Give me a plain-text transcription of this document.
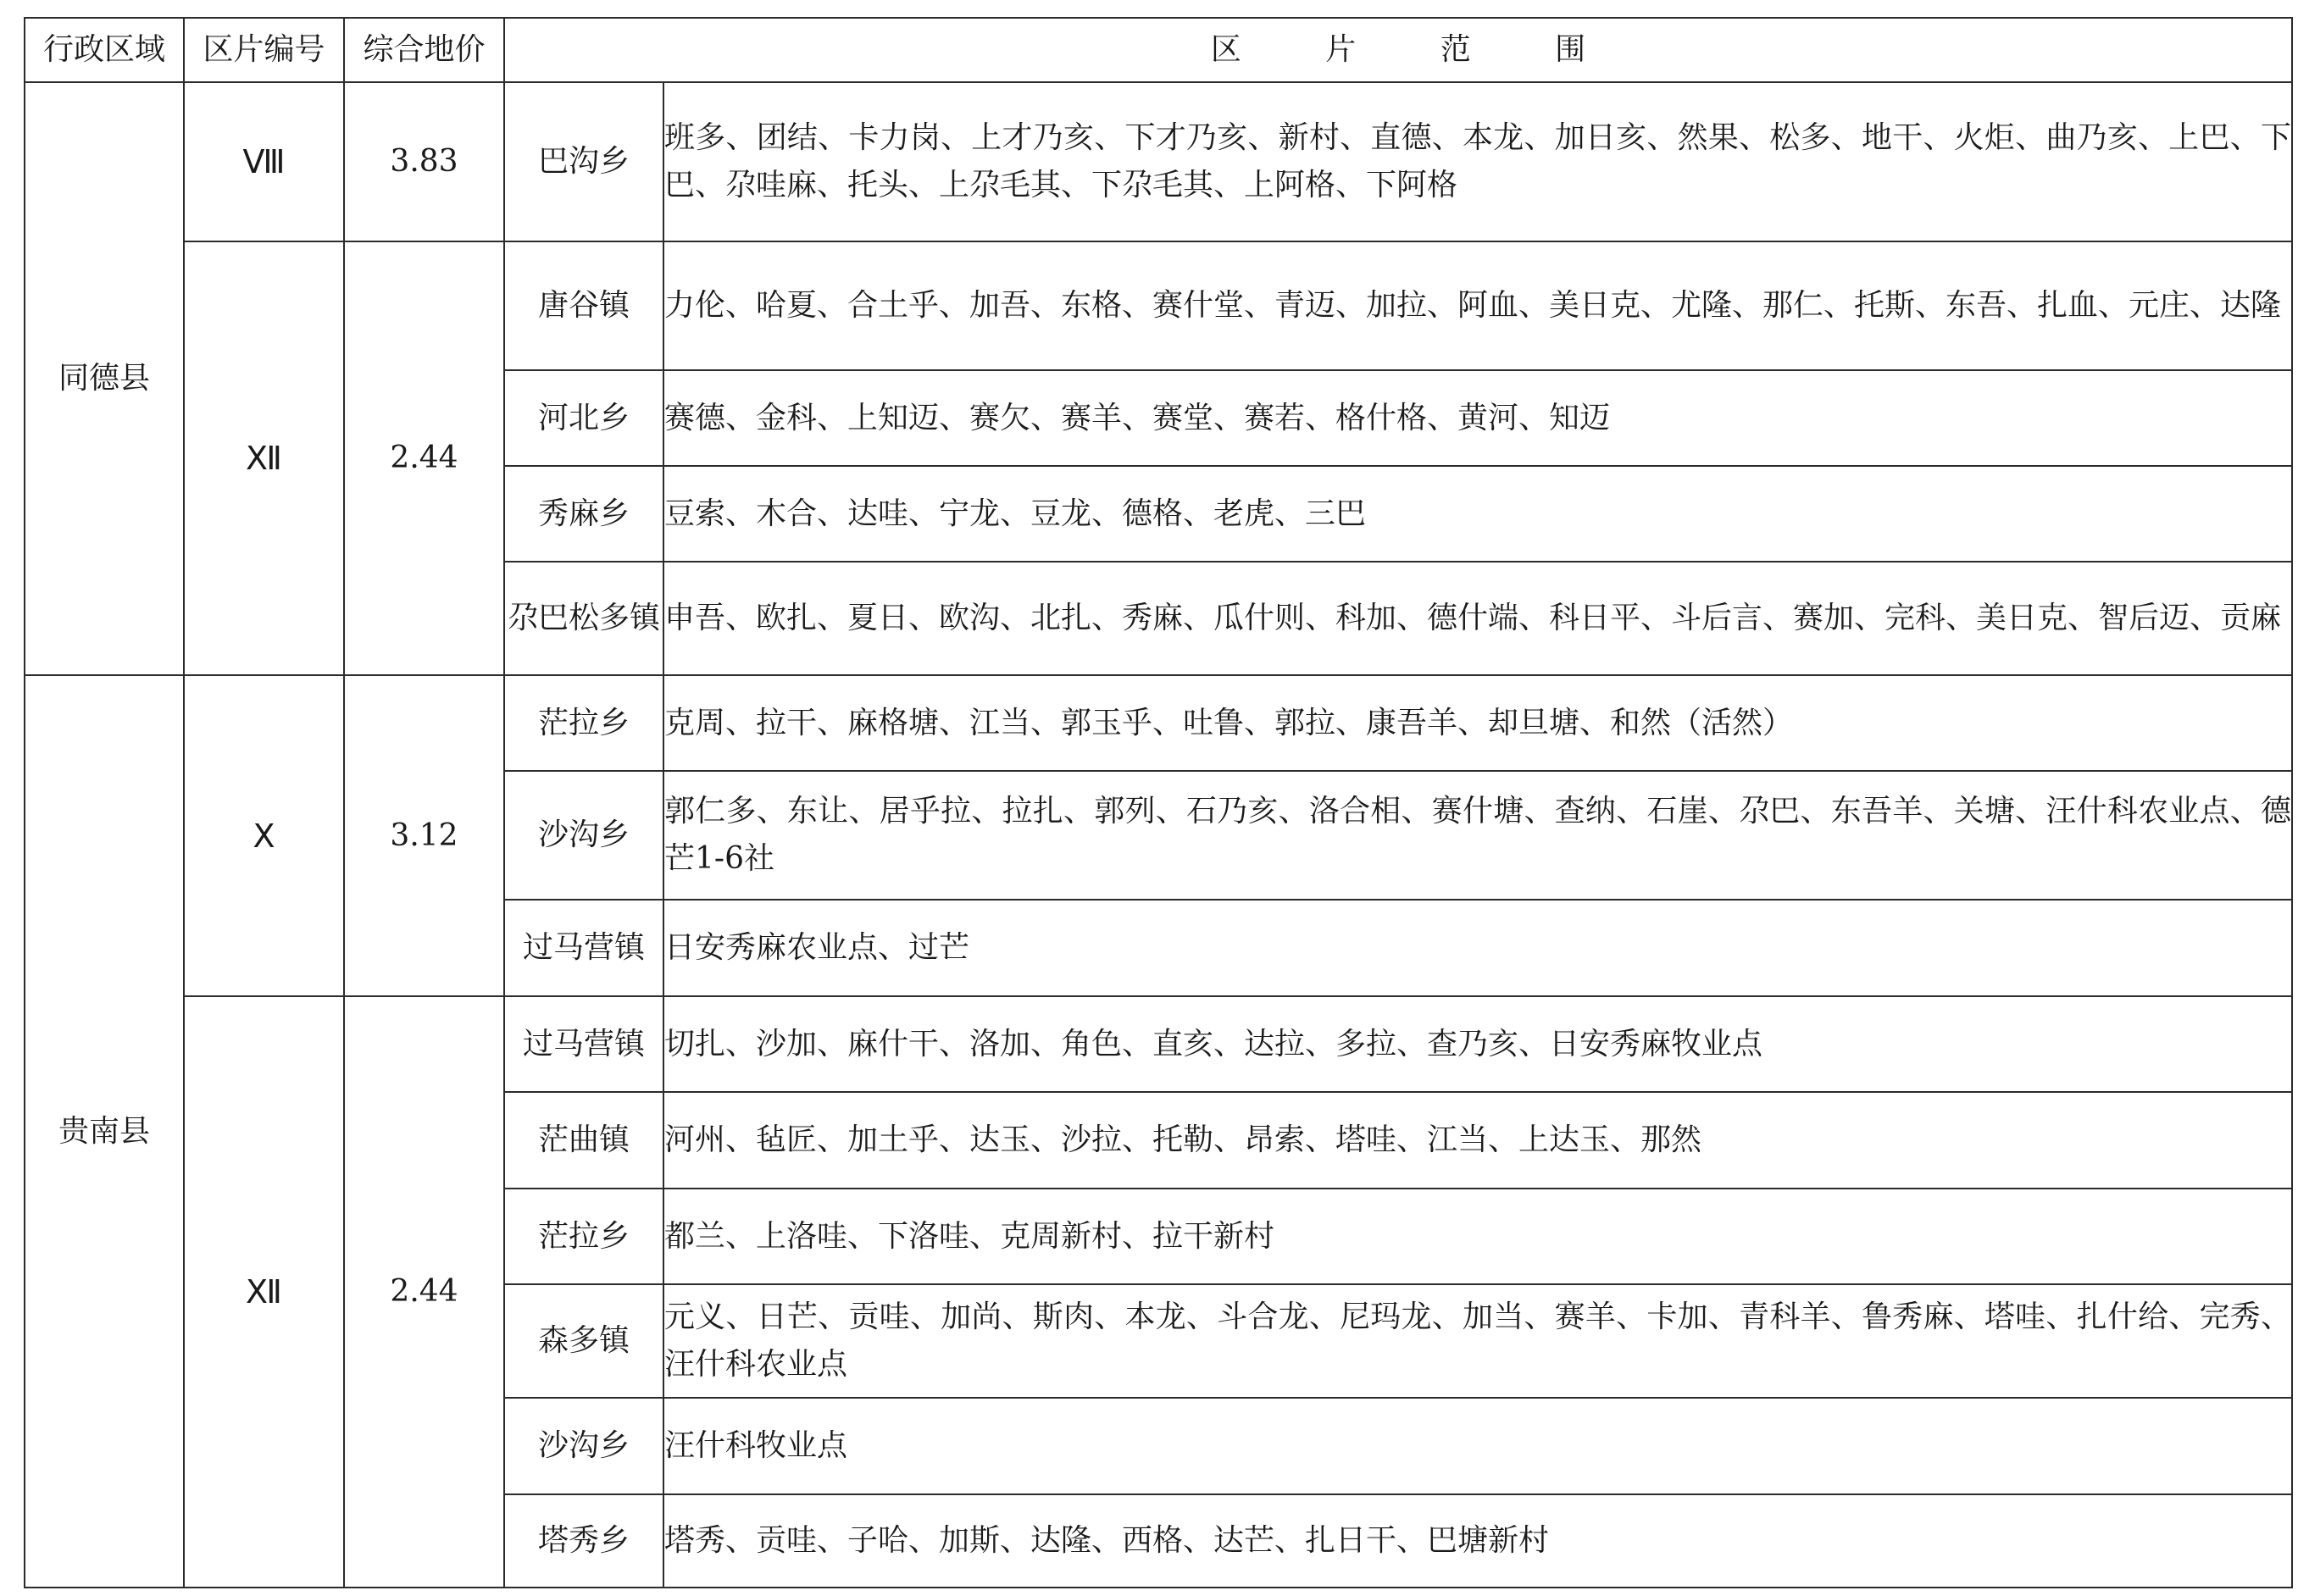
行政区域	区片编号	综合地价	区 片 范 围	
同德县	Ⅷ	3.83	巴沟乡	班多、团结、卡力岗、上才乃亥、下才乃亥、新村、直德、本龙、加日亥、然果、松多、地干、火炬、曲乃亥、上巴、下巴、尕哇麻、托头、上尕毛其、下尕毛其、上阿格、下阿格
	Ⅻ	2.44	唐谷镇	力伦、哈夏、合土乎、加吾、东格、赛什堂、青迈、加拉、阿血、美日克、尤隆、那仁、托斯、东吾、扎血、元庄、达隆
			河北乡	赛德、金科、上知迈、赛欠、赛羊、赛堂、赛若、格什格、黄河、知迈
			秀麻乡	豆索、木合、达哇、宁龙、豆龙、德格、老虎、三巴
			尕巴松多镇	申吾、欧扎、夏日、欧沟、北扎、秀麻、瓜什则、科加、德什端、科日平、斗后言、赛加、完科、美日克、智后迈、贡麻
贵南县	Ⅹ	3.12	茫拉乡	克周、拉干、麻格塘、江当、郭玉乎、吐鲁、郭拉、康吾羊、却旦塘、和然（活然）
			沙沟乡	郭仁多、东让、居乎拉、拉扎、郭列、石乃亥、洛合相、赛什塘、查纳、石崖、尕巴、东吾羊、关塘、汪什科农业点、德芒1-6社
			过马营镇	日安秀麻农业点、过芒
	Ⅻ	2.44	过马营镇	切扎、沙加、麻什干、洛加、角色、直亥、达拉、多拉、查乃亥、日安秀麻牧业点
			茫曲镇	河州、毡匠、加土乎、达玉、沙拉、托勒、昂索、塔哇、江当、上达玉、那然
			茫拉乡	都兰、上洛哇、下洛哇、克周新村、拉干新村
			森多镇	元义、日芒、贡哇、加尚、斯肉、本龙、斗合龙、尼玛龙、加当、赛羊、卡加、青科羊、鲁秀麻、塔哇、扎什给、完秀、汪什科农业点
			沙沟乡	汪什科牧业点
			塔秀乡	塔秀、贡哇、子哈、加斯、达隆、西格、达芒、扎日干、巴塘新村
